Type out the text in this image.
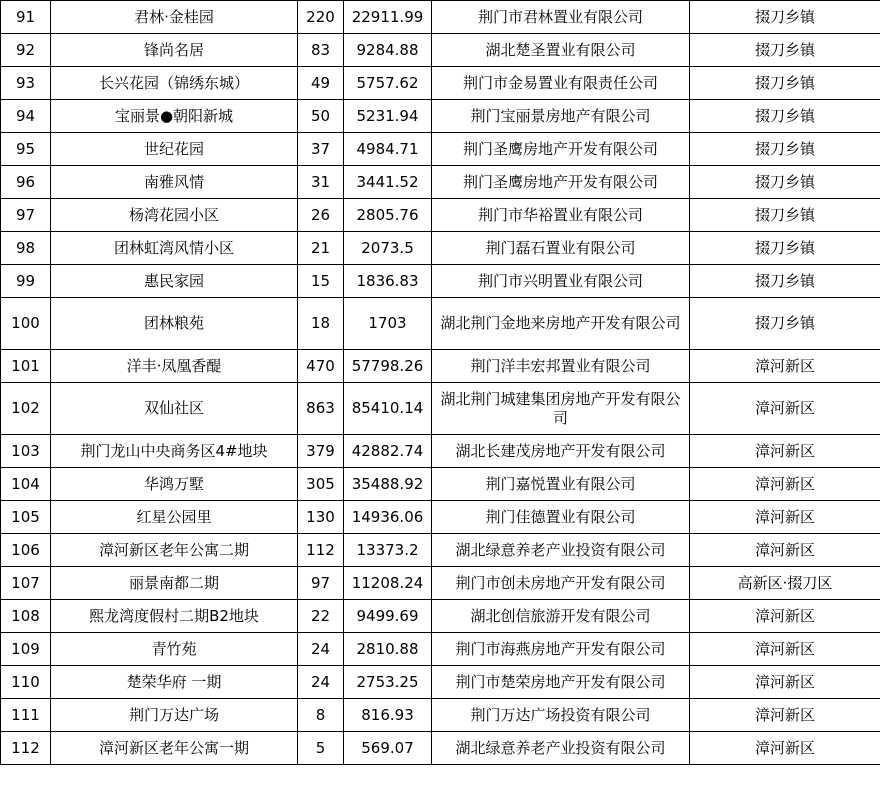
91	君林·金桂园	220	22911.99	荆门市君林置业有限公司	掇刀乡镇
92	锋尚名居	83	9284.88	湖北楚圣置业有限公司	掇刀乡镇
93	长兴花园（锦绣东城）	49	5757.62	荆门市金易置业有限责任公司	掇刀乡镇
94	宝丽景●朝阳新城	50	5231.94	荆门宝丽景房地产有限公司	掇刀乡镇
95	世纪花园	37	4984.71	荆门圣鹰房地产开发有限公司	掇刀乡镇
96	南雅风情	31	3441.52	荆门圣鹰房地产开发有限公司	掇刀乡镇
97	杨湾花园小区	26	2805.76	荆门市华裕置业有限公司	掇刀乡镇
98	团林虹湾风情小区	21	2073.5	荆门磊石置业有限公司	掇刀乡镇
99	惠民家园	15	1836.83	荆门市兴明置业有限公司	掇刀乡镇
100	团林粮苑	18	1703	湖北荆门金地来房地产开发有限公司	掇刀乡镇
101	洋丰·凤凰香醍	470	57798.26	荆门洋丰宏邦置业有限公司	漳河新区
102	双仙社区	863	85410.14	湖北荆门城建集团房地产开发有限公司	漳河新区
103	荆门龙山中央商务区4#地块	379	42882.74	湖北长建茂房地产开发有限公司	漳河新区
104	华鸿万墅	305	35488.92	荆门嘉悦置业有限公司	漳河新区
105	红星公园里	130	14936.06	荆门佳德置业有限公司	漳河新区
106	漳河新区老年公寓二期	112	13373.2	湖北绿意养老产业投资有限公司	漳河新区
107	丽景南都二期	97	11208.24	荆门市创未房地产开发有限公司	高新区·掇刀区
108	熙龙湾度假村二期B2地块	22	9499.69	湖北创信旅游开发有限公司	漳河新区
109	青竹苑	24	2810.88	荆门市海燕房地产开发有限公司	漳河新区
110	楚荣华府 一期	24	2753.25	荆门市楚荣房地产开发有限公司	漳河新区
111	荆门万达广场	8	816.93	荆门万达广场投资有限公司	漳河新区
112	漳河新区老年公寓一期	5	569.07	湖北绿意养老产业投资有限公司	漳河新区
